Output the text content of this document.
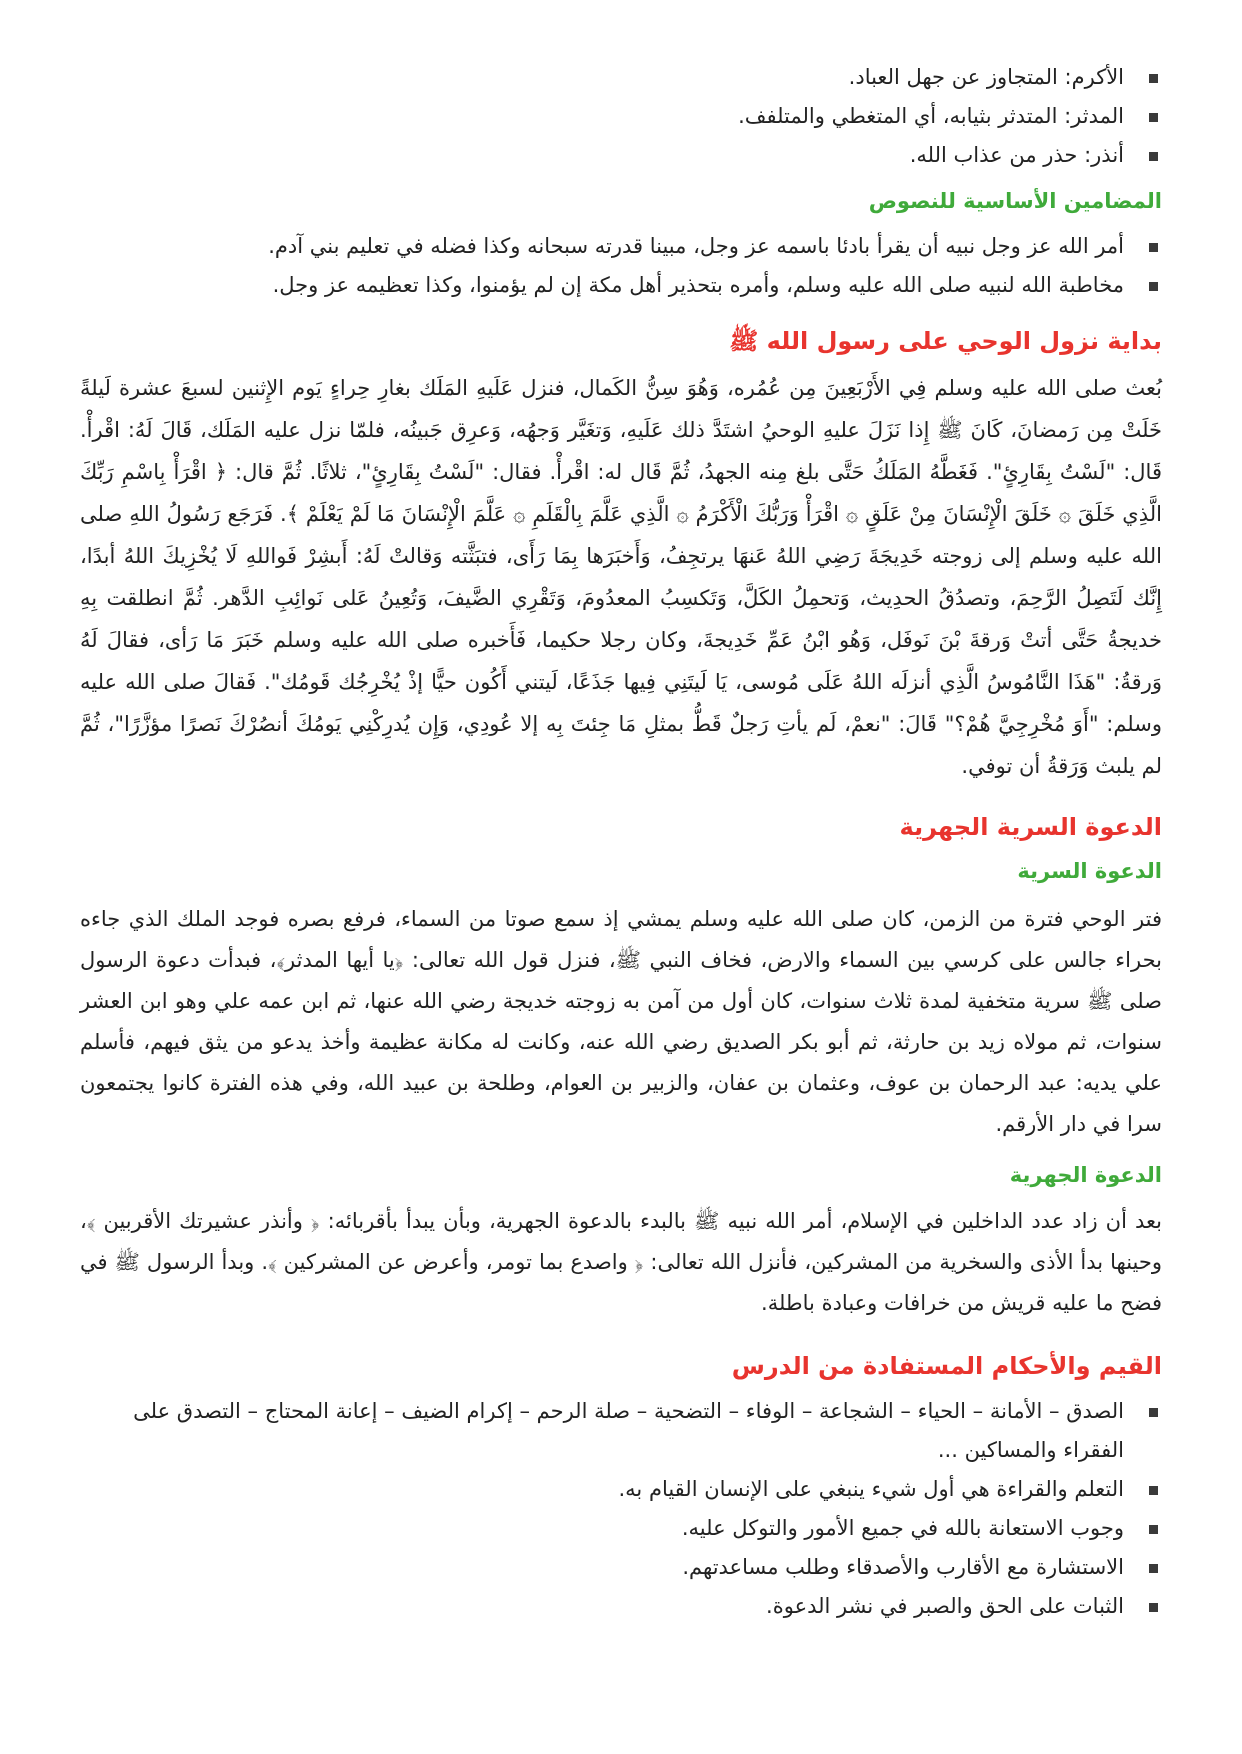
الأكرم: المتجاوز عن جهل العباد.
المدثر: المتدثر بثيابه، أي المتغطي والمتلفف.
أنذر: حذر من عذاب الله.
المضامين الأساسية للنصوص
أمر الله عز وجل نبيه أن يقرأ بادئا باسمه عز وجل، مبينا قدرته سبحانه وكذا فضله في تعليم بني آدم.
مخاطبة الله لنبيه صلى الله عليه وسلم، وأمره بتحذير أهل مكة إن لم يؤمنوا، وكذا تعظيمه عز وجل.
بداية نزول الوحي على رسول الله ﷺ

بُعث صلى الله عليه وسلم فِي الأَرْبَعِينَ مِن عُمُره، وَهُوَ سِنُّ الكَمال، فنزل عَلَيهِ المَلَك بغارِ حِراءٍ يَوم الإِثنين لسبعَ عشرة لَيلةً خَلَتْ مِن رَمضانَ، كَانَ ﷺ إِذا نَزَلَ عليهِ الوحيُ اشتَدَّ ذلك عَلَيهِ، وَتغَيَّر وَجهُه، وَعرِق جَبينُه، فلمّا نزل عليه المَلَك، قَالَ لَهُ: اقْرأْ. قَال: "لَسْتُ بِقَارِئٍ". فَغَطَّهُ المَلَكُ حَتَّى بلغ مِنه الجهدُ، ثُمَّ قَال له: اقْرأْ. فقال: "لَسْتُ بِقَارِئٍ"، ثلاثًا. ثُمَّ قال: ﴿ اقْرَأْ بِاسْمِ رَبِّكَ الَّذِي خَلَقَ ۞ خَلَقَ الْإِنْسَانَ مِنْ عَلَقٍ ۞ اقْرَأْ وَرَبُّكَ الْأَكْرَمُ ۞ الَّذِي عَلَّمَ بِالْقَلَمِ ۞ عَلَّمَ الْإِنْسَانَ مَا لَمْ يَعْلَمْ ﴾. فَرَجَع رَسُولُ اللهِ صلى الله عليه وسلم إلى زوجته خَدِيجَةَ رَضِي اللهُ عَنهَا يرتجِفُ، وَأَخبَرَها بِمَا رَأَى، فتبَثَّته وَقالتْ لَهُ: أَبشِرْ فَواللهِ لَا يُخْزِيكَ اللهُ أبدًا، إِنَّك لَتَصِلُ الرَّحِمَ، وتصدُقُ الحدِيث، وَتحمِلُ الكَلَّ، وَتَكسِبُ المعدُومَ، وَتَقْرِي الضَّيفَ، وَتُعِينُ عَلى نَوائِبِ الدَّهر. ثُمَّ انطلقت بِهِ خديجةُ حَتَّى أتتْ وَرقةَ بْنَ نَوفَل، وَهُو ابْنُ عَمِّ خَدِيجةَ، وكان رجلا حكيما، فَأَخبره صلى الله عليه وسلم خَبَرَ مَا رَأى، فقالَ لَهُ وَرقةُ: "هَذَا النَّامُوسُ الَّذِي أنزلَه اللهُ عَلَى مُوسى، يَا لَيتَنِي فِيها جَذَعًا، لَيتني أَكُون حيًّا إذْ يُخْرِجُك قَومُك". فَقالَ صلى الله عليه وسلم: "أَوَ مُخْرِجِيَّ هُمْ؟" قَالَ: "نعمْ، لَم يأتِ رَجلٌ قَطُّ بمثلِ مَا جِئتَ بِه إلا عُودِي، وَإِن يُدرِكْنِي يَومُكَ أنصُرْكَ نَصرًا مؤزَّرًا"، ثُمَّ لم يلبث وَرَقةُ أن توفي.

الدعوة السرية الجهرية
الدعوة السرية

فتر الوحي فترة من الزمن، كان صلى الله عليه وسلم يمشي إذ سمع صوتا من السماء، فرفع بصره فوجد الملك الذي جاءه بحراء جالس على كرسي بين السماء والارض، فخاف النبي ﷺ، فنزل قول الله تعالى: ﴿يا أيها المدثر﴾، فبدأت دعوة الرسول صلى ﷺ سرية متخفية لمدة ثلاث سنوات، كان أول من آمن به زوجته خديجة رضي الله عنها، ثم ابن عمه علي وهو ابن العشر سنوات، ثم مولاه زيد بن حارثة، ثم أبو بكر الصديق رضي الله عنه، وكانت له مكانة عظيمة وأخذ يدعو من يثق فيهم، فأسلم علي يديه: عبد الرحمان بن عوف، وعثمان بن عفان، والزبير بن العوام، وطلحة بن عبيد الله، وفي هذه الفترة كانوا يجتمعون سرا في دار الأرقم.

الدعوة الجهرية

بعد أن زاد عدد الداخلين في الإسلام، أمر الله نبيه ﷺ بالبدء بالدعوة الجهرية، وبأن يبدأ بأقربائه: ﴿ وأنذر عشيرتك الأقربين ﴾، وحينها بدأ الأذى والسخرية من المشركين، فأنزل الله تعالى: ﴿ واصدع بما تومر، وأعرض عن المشركين ﴾. وبدأ الرسول ﷺ في فضح ما عليه قريش من خرافات وعبادة باطلة.

القيم والأحكام المستفادة من الدرس
الصدق – الأمانة – الحياء – الشجاعة – الوفاء – التضحية – صلة الرحم – إكرام الضيف – إعانة المحتاج – التصدق على الفقراء والمساكين ...
التعلم والقراءة هي أول شيء ينبغي على الإنسان القيام به.
وجوب الاستعانة بالله في جميع الأمور والتوكل عليه.
الاستشارة مع الأقارب والأصدقاء وطلب مساعدتهم.
الثبات على الحق والصبر في نشر الدعوة.
